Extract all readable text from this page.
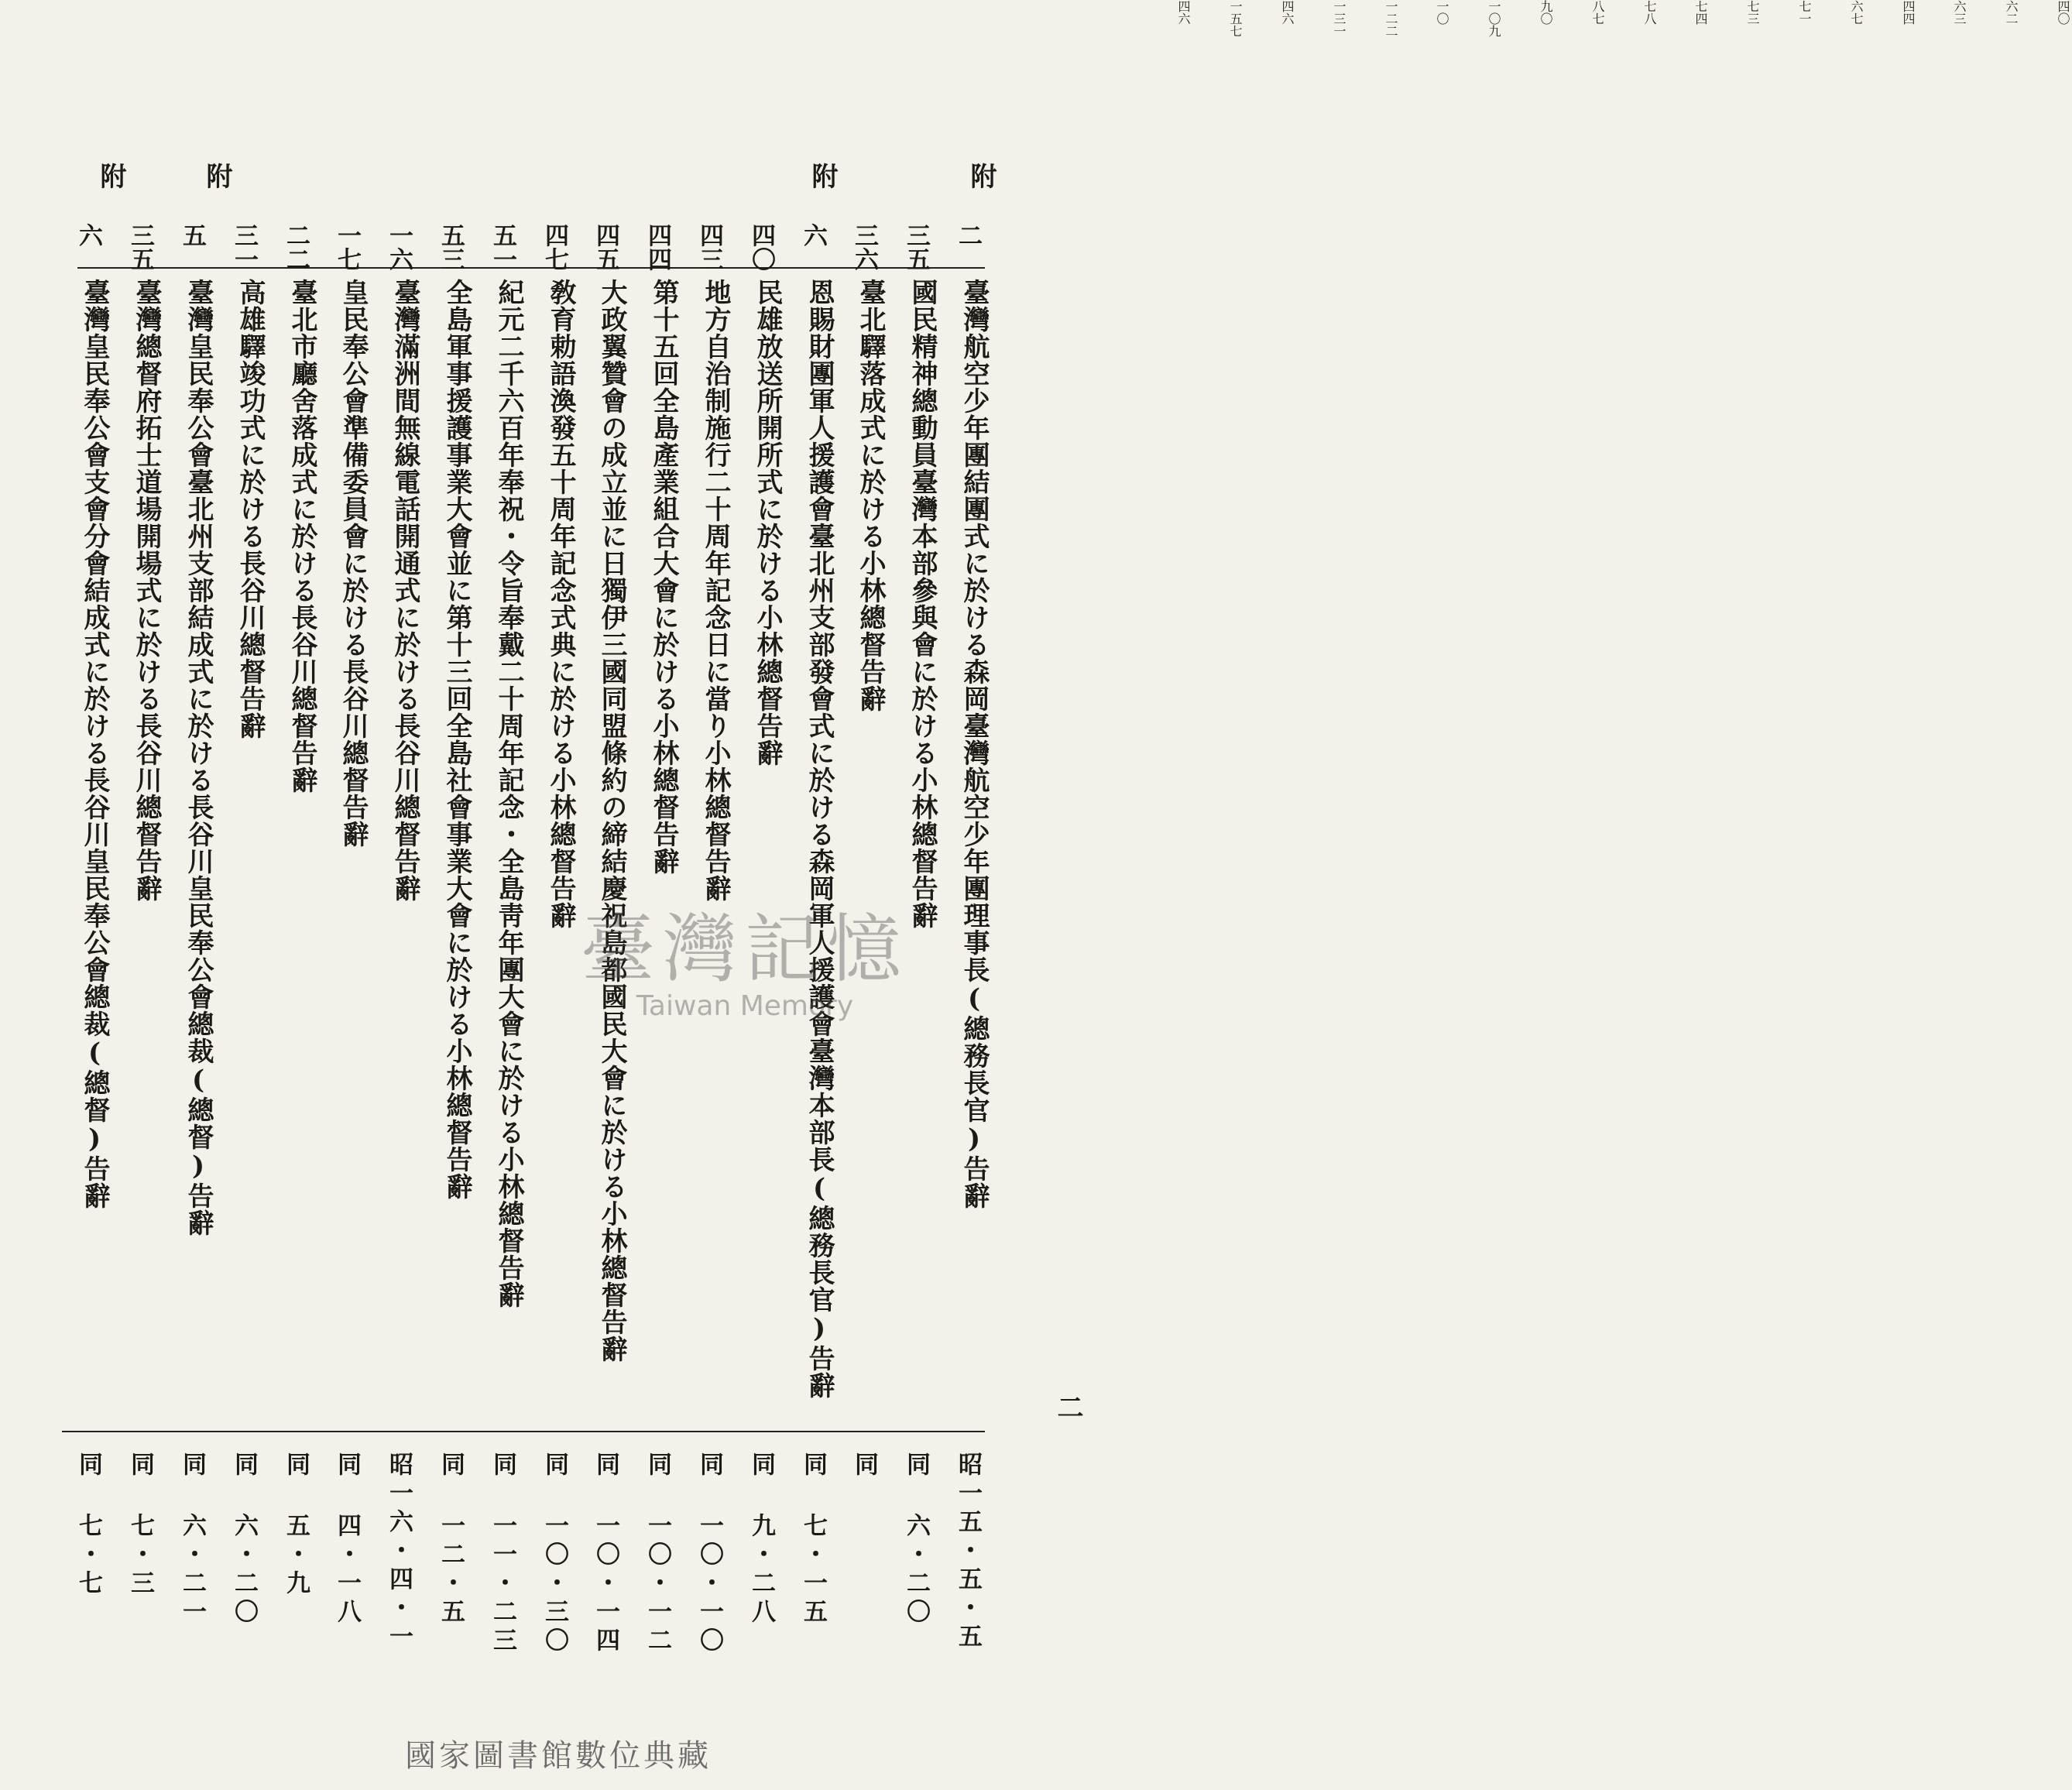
附
附
附
附
二
二
臺灣航空少年團結團式に於ける森岡臺灣航空少年團理事長(總務長官)告辭
昭一五・五・五
四〇
三五
國民精神總動員臺灣本部參與會に於ける小林總督告辭
同 六・二〇
六二
三六
臺北驛落成式に於ける小林總督告辭
同
六三
六
恩賜財團軍人援護會臺北州支部發會式に於ける森岡軍人援護會臺灣本部長(總務長官)告辭
同 七・一五
四四
四〇
民雄放送所開所式に於ける小林總督告辭
同 九・二八
六七
四三
地方自治制施行二十周年記念日に當り小林總督告辭
同 一〇・一〇
七一
四四
第十五回全島產業組合大會に於ける小林總督告辭
同 一〇・一二
七三
四五
大政翼贊會の成立並に日獨伊三國同盟條約の締結慶祝島都國民大會に於ける小林總督告辭
同 一〇・一四
七四
四七
敎育勅語渙發五十周年記念式典に於ける小林總督告辭
同 一〇・三〇
七八
五一
紀元二千六百年奉祝・令旨奉戴二十周年記念・全島靑年團大會に於ける小林總督告辭
同 一一・二三
八七
五三
全島軍事援護事業大會並に第十三回全島社會事業大會に於ける小林總督告辭
同 一二・五
九〇
一六
臺灣滿洲間無線電話開通式に於ける長谷川總督告辭
昭一六・四・一
一〇九
一七
皇民奉公會準備委員會に於ける長谷川總督告辭
同 四・一八
一〇
二二
臺北市廳舍落成式に於ける長谷川總督告辭
同 五・九
一二二
三一
高雄驛竣功式に於ける長谷川總督告辭
同 六・二〇
一三一
五
臺灣皇民奉公會臺北州支部結成式に於ける長谷川皇民奉公會總裁(總督)告辭
同 六・二一
四六
三五
臺灣總督府拓士道場開場式に於ける長谷川總督告辭
同 七・三
一五七
六
臺灣皇民奉公會支會分會結成式に於ける長谷川皇民奉公會總裁(總督)告辭
同 七・七
四六
臺灣記憶
Taiwan Memory
國家圖書館數位典藏
